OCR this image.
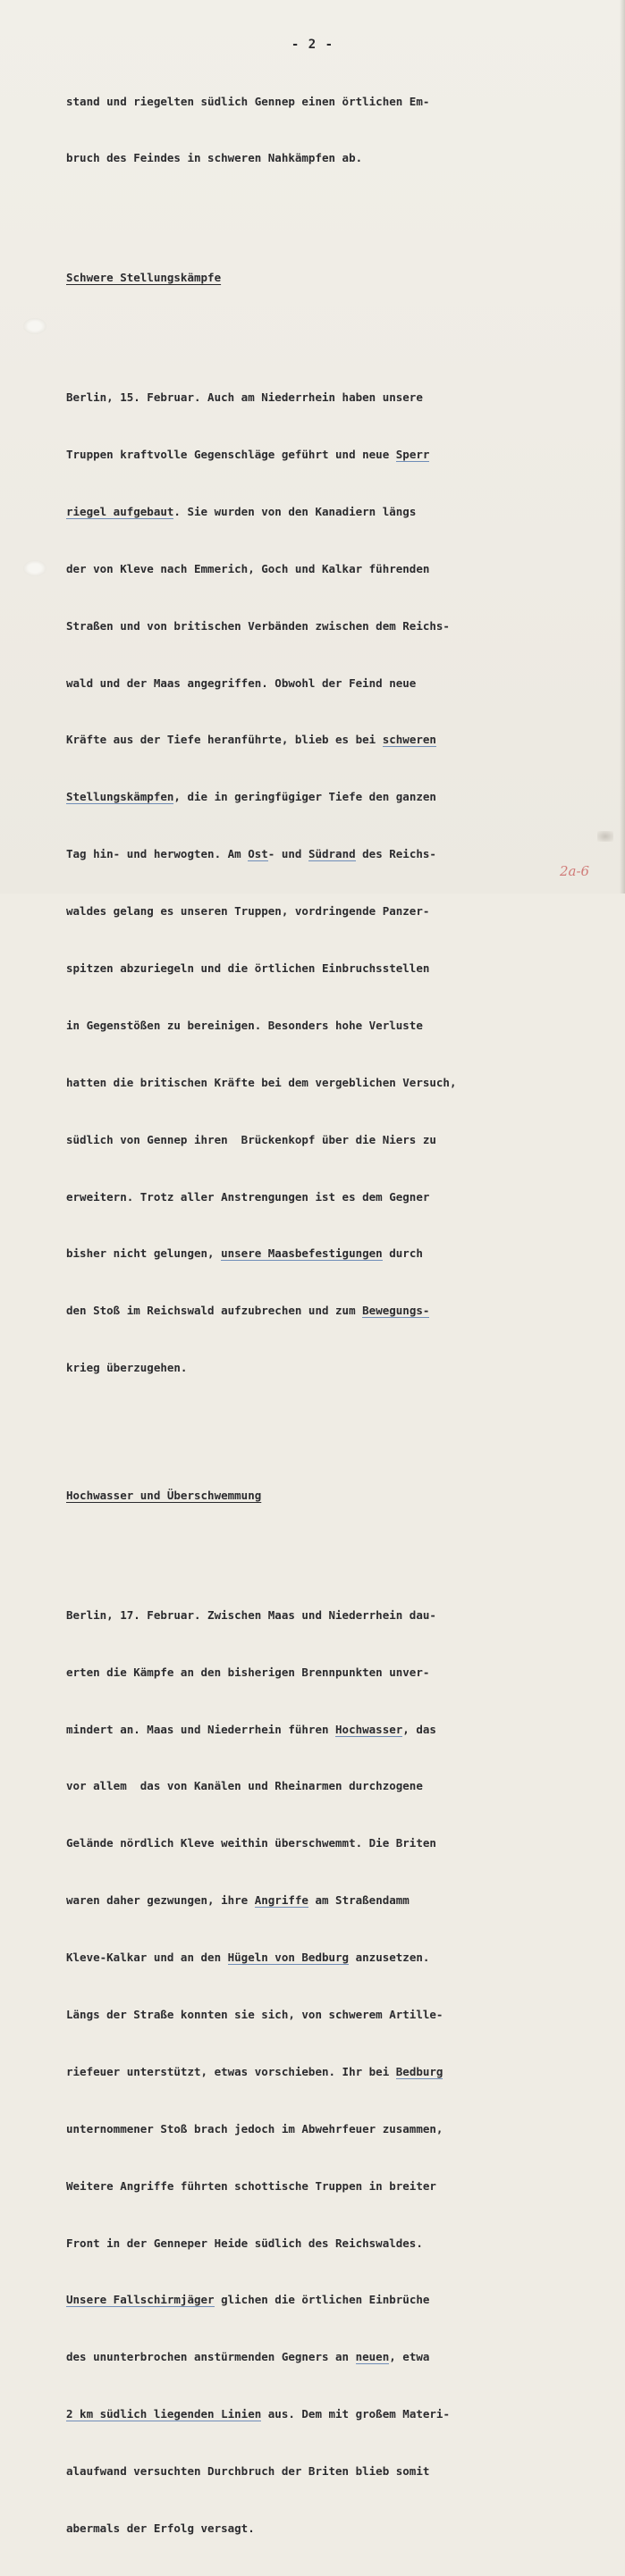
- 2 -

stand und riegelten südlich Gennep einen örtlichen Em-

bruch des Feindes in schweren Nahkämpfen ab.

Schwere Stellungskämpfe

Berlin, 15. Februar. Auch am Niederrhein haben unsere

Truppen kraftvolle Gegenschläge geführt und neue Sperr

riegel aufgebaut. Sie wurden von den Kanadiern längs

der von Kleve nach Emmerich, Goch und Kalkar führenden

Straßen und von britischen Verbänden zwischen dem Reichs-

wald und der Maas angegriffen. Obwohl der Feind neue

Kräfte aus der Tiefe heranführte, blieb es bei schweren

Stellungskämpfen, die in geringfügiger Tiefe den ganzen

Tag hin- und herwogten. Am Ost- und Südrand des Reichs-

waldes gelang es unseren Truppen, vordringende Panzer-

spitzen abzuriegeln und die örtlichen Einbruchsstellen

in Gegenstößen zu bereinigen. Besonders hohe Verluste

hatten die britischen Kräfte bei dem vergeblichen Versuch,

südlich von Gennep ihren  Brückenkopf über die Niers zu

erweitern. Trotz aller Anstrengungen ist es dem Gegner

bisher nicht gelungen, unsere Maasbefestigungen durch

den Stoß im Reichswald aufzubrechen und zum Bewegungs-

krieg überzugehen.

Hochwasser und Überschwemmung

Berlin, 17. Februar. Zwischen Maas und Niederrhein dau-

erten die Kämpfe an den bisherigen Brennpunkten unver-

mindert an. Maas und Niederrhein führen Hochwasser, das

vor allem  das von Kanälen und Rheinarmen durchzogene

Gelände nördlich Kleve weithin überschwemmt. Die Briten

waren daher gezwungen, ihre Angriffe am Straßendamm

Kleve-Kalkar und an den Hügeln von Bedburg anzusetzen.

Längs der Straße konnten sie sich, von schwerem Artille-

riefeuer unterstützt, etwas vorschieben. Ihr bei Bedburg

unternommener Stoß brach jedoch im Abwehrfeuer zusammen,

Weitere Angriffe führten schottische Truppen in breiter

Front in der Genneper Heide südlich des Reichswaldes.

Unsere Fallschirmjäger glichen die örtlichen Einbrüche

des ununterbrochen anstürmenden Gegners an neuen, etwa

2 km südlich liegenden Linien aus. Dem mit großem Materi-

alaufwand versuchten Durchbruch der Briten blieb somit

abermals der Erfolg versagt.

2a-6
